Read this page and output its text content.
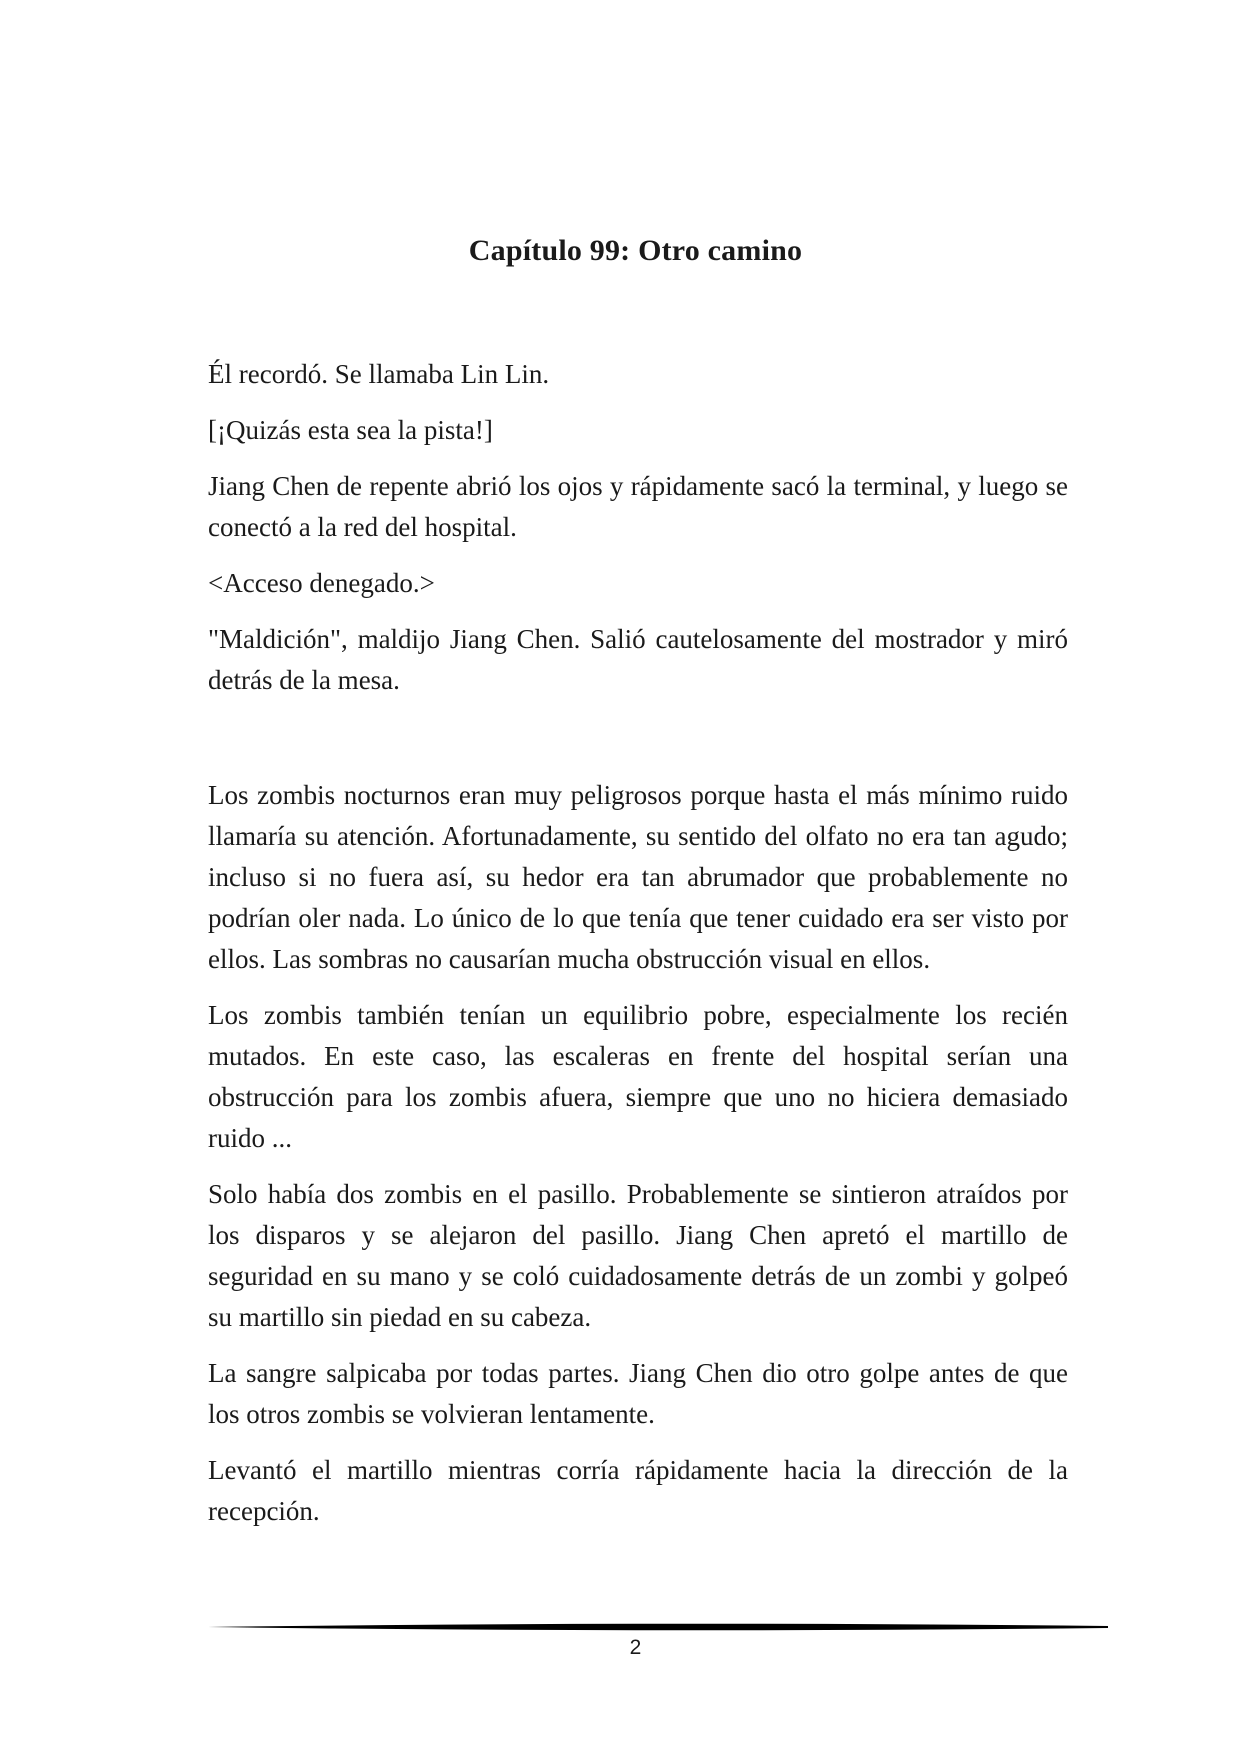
Capítulo 99: Otro camino

Él recordó. Se llamaba Lin Lin.

[¡Quizás esta sea la pista!]

Jiang Chen de repente abrió los ojos y rápidamente sacó la terminal, y luego se conectó a la red del hospital.

<Acceso denegado.>

"Maldición", maldijo Jiang Chen. Salió cautelosamente del mostrador y miró detrás de la mesa.

Los zombis nocturnos eran muy peligrosos porque hasta el más mínimo ruido llamaría su atención. Afortunadamente, su sentido del olfato no era tan agudo; incluso si no fuera así, su hedor era tan abrumador que probablemente no podrían oler nada. Lo único de lo que tenía que tener cuidado era ser visto por ellos. Las sombras no causarían mucha obstrucción visual en ellos.

Los zombis también tenían un equilibrio pobre, especialmente los recién mutados. En este caso, las escaleras en frente del hospital serían una obstrucción para los zombis afuera, siempre que uno no hiciera demasiado ruido ...

Solo había dos zombis en el pasillo. Probablemente se sintieron atraídos por los disparos y se alejaron del pasillo. Jiang Chen apretó el martillo de seguridad en su mano y se coló cuidadosamente detrás de un zombi y golpeó su martillo sin piedad en su cabeza.

La sangre salpicaba por todas partes. Jiang Chen dio otro golpe antes de que los otros zombis se volvieran lentamente.

Levantó el martillo mientras corría rápidamente hacia la dirección de la recepción.

2
